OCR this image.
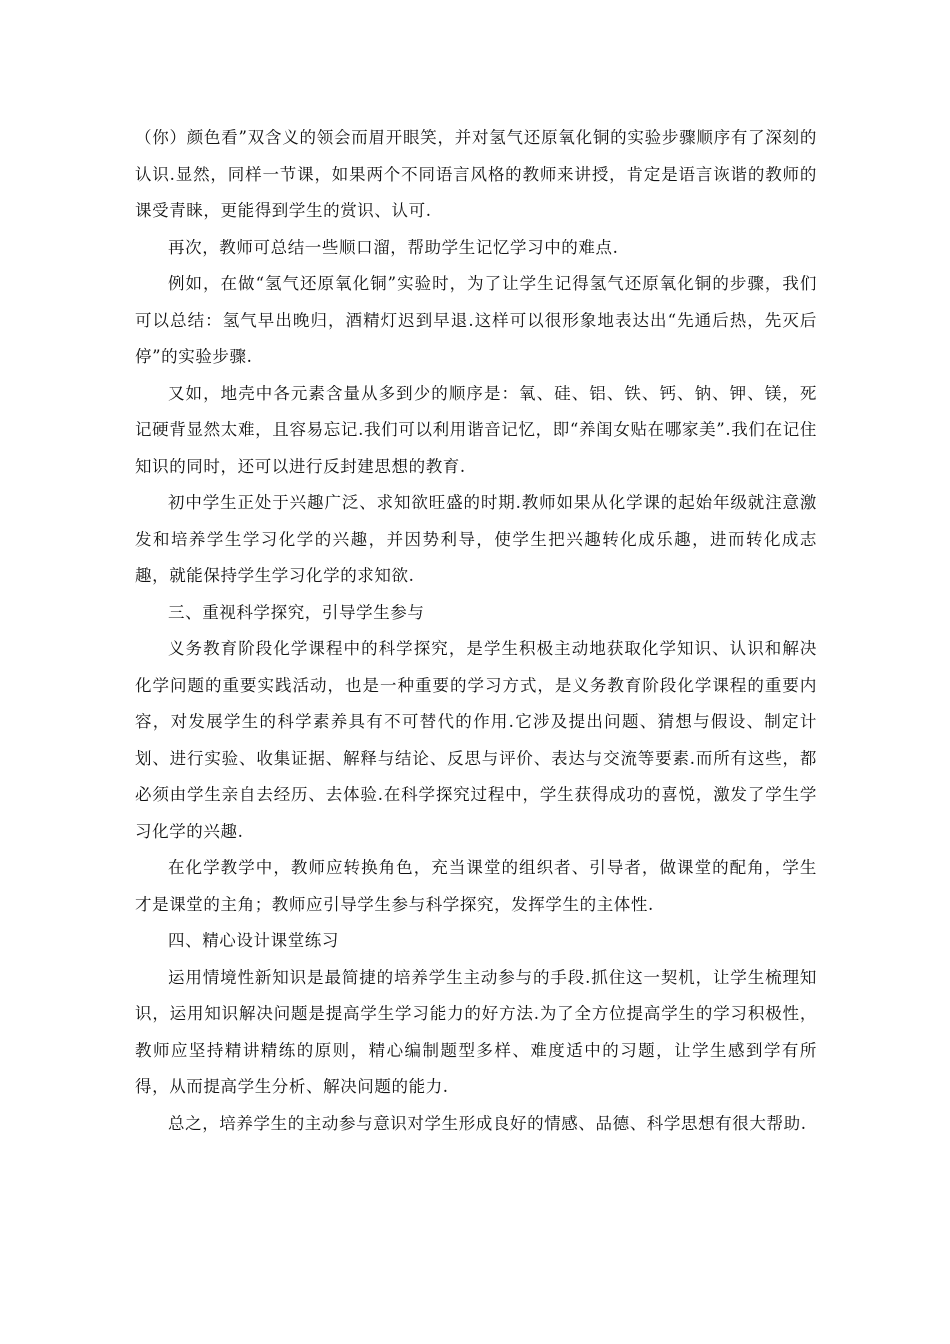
（你）颜色看”双含义的领会而眉开眼笑，并对氢气还原氧化铜的实验步骤顺序有了深刻的认识.显然，同样一节课，如果两个不同语言风格的教师来讲授，肯定是语言诙谐的教师的课受青睐，更能得到学生的赏识、认可.

再次，教师可总结一些顺口溜，帮助学生记忆学习中的难点.

例如，在做“氢气还原氧化铜”实验时，为了让学生记得氢气还原氧化铜的步骤，我们可以总结：氢气早出晚归，酒精灯迟到早退.这样可以很形象地表达出“先通后热，先灭后停”的实验步骤.

又如，地壳中各元素含量从多到少的顺序是：氧、硅、铝、铁、钙、钠、钾、镁，死记硬背显然太难，且容易忘记.我们可以利用谐音记忆，即“养闺女贴在哪家美”.我们在记住知识的同时，还可以进行反封建思想的教育.

初中学生正处于兴趣广泛、求知欲旺盛的时期.教师如果从化学课的起始年级就注意激发和培养学生学习化学的兴趣，并因势利导，使学生把兴趣转化成乐趣，进而转化成志趣，就能保持学生学习化学的求知欲.

三、重视科学探究，引导学生参与

义务教育阶段化学课程中的科学探究，是学生积极主动地获取化学知识、认识和解决化学问题的重要实践活动，也是一种重要的学习方式，是义务教育阶段化学课程的重要内容，对发展学生的科学素养具有不可替代的作用.它涉及提出问题、猜想与假设、制定计划、进行实验、收集证据、解释与结论、反思与评价、表达与交流等要素.而所有这些，都必须由学生亲自去经历、去体验.在科学探究过程中，学生获得成功的喜悦，激发了学生学习化学的兴趣.

在化学教学中，教师应转换角色，充当课堂的组织者、引导者，做课堂的配角，学生才是课堂的主角；教师应引导学生参与科学探究，发挥学生的主体性.

四、精心设计课堂练习

运用情境性新知识是最简捷的培养学生主动参与的手段.抓住这一契机，让学生梳理知识，运用知识解决问题是提高学生学习能力的好方法.为了全方位提高学生的学习积极性，教师应坚持精讲精练的原则，精心编制题型多样、难度适中的习题，让学生感到学有所得，从而提高学生分析、解决问题的能力.

总之，培养学生的主动参与意识对学生形成良好的情感、品德、科学思想有很大帮助.
